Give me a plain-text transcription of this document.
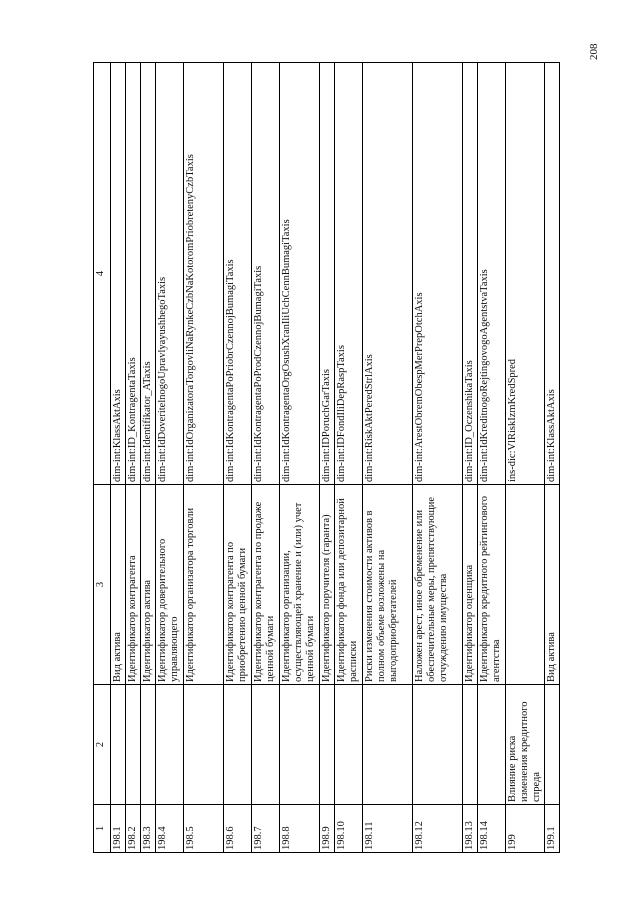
208
1	2	3	4
198.1		Вид актива	dim-int:KlassAktAxis
198.2		Идентификатор контрагента	dim-int:ID_KontragentaTaxis
198.3		Идентификатор актива	dim-int:Identifikator_ATaxis
198.4		Идентификатор доверительного управляющего	dim-int:IdDoveritelnogoUpravlyayushhegoTaxis
198.5		Идентификатор организатора торговли	dim-int:IdOrganizatoraTorgovliNaRynkeCzbNaKotoromPriobretenyCzbTaxis
198.6		Идентификатор контрагента по приобретению ценной бумаги	dim-int:IdKontragentaPoPriobrCzennojBumagiTaxis
198.7		Идентификатор контрагента по продаже ценной бумаги	dim-int:IdKontragentaPoProdCzennojBumagiTaxis
198.8		Идентификатор организации, осуществляющей хранение и (или) учет ценной бумаги	dim-int:IdKontragentaOrgOsushXranIliUchCennBumagiTaxis
198.9		Идентификатор поручителя (гаранта)	dim-int:IDPoruchGarTaxis
198.10		Идентификатор фонда или депозитарной расписки	dim-int:IDFondIliDepRaspTaxis
198.11		Риски изменения стоимости активов в полном объеме возложены на выгодоприобретателей	dim-int:RiskAktPeredStrlAxis
198.12		Наложен арест, иное обременение или обеспечительные меры, препятствующие отчуждению имущества	dim-int:ArestObremObespMerPrepOtchAxis
198.13		Идентификатор оценщика	dim-int:ID_OczenshikaTaxis
198.14		Идентификатор кредитного рейтингового агентства	dim-int:IdKreditnogoRejtingovogoAgentstvaTaxis
199	Влияние риска изменения кредитного спреда		ins-dic:VlRiskIzmKredSpred
199.1		Вид актива	dim-int:KlassAktAxis
